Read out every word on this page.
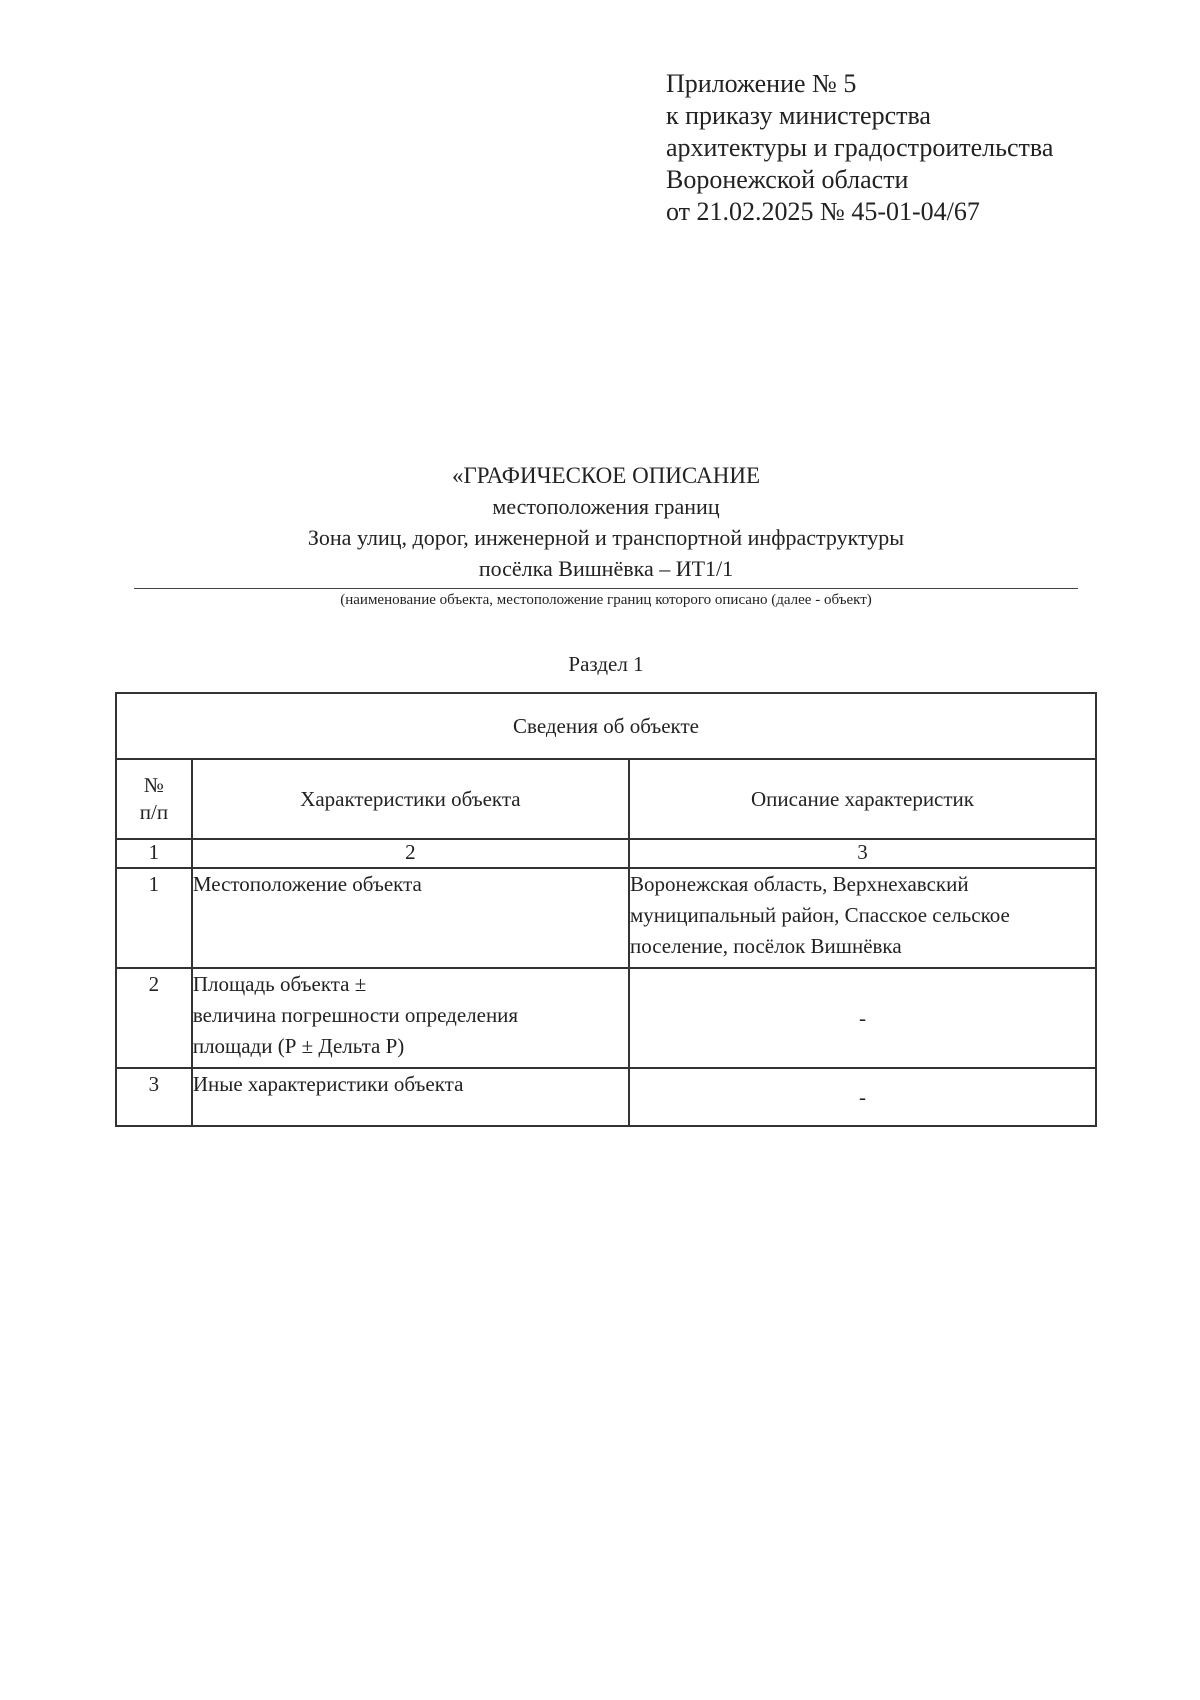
Приложение № 5
к приказу министерства
архитектуры и градостроительства
Воронежской области
от 21.02.2025 № 45-01-04/67
«ГРАФИЧЕСКОЕ ОПИСАНИЕ
местоположения границ
Зона улиц, дорог, инженерной и транспортной инфраструктуры
посёлка Вишнёвка – ИТ1/1
(наименование объекта, местоположение границ которого описано (далее - объект)
Раздел 1
Сведения об объекте		

№
п/п	Характеристики объекта	Описание характеристик
1	2	3
1	Местоположение объекта	Воронежская область, Верхнехавский муниципальный район, Спасское сельское поселение, посёлок Вишнёвка
2	Площадь объекта ±
величина погрешности определения
площади (Р ± Дельта Р)	-
3	Иные характеристики объекта	-
